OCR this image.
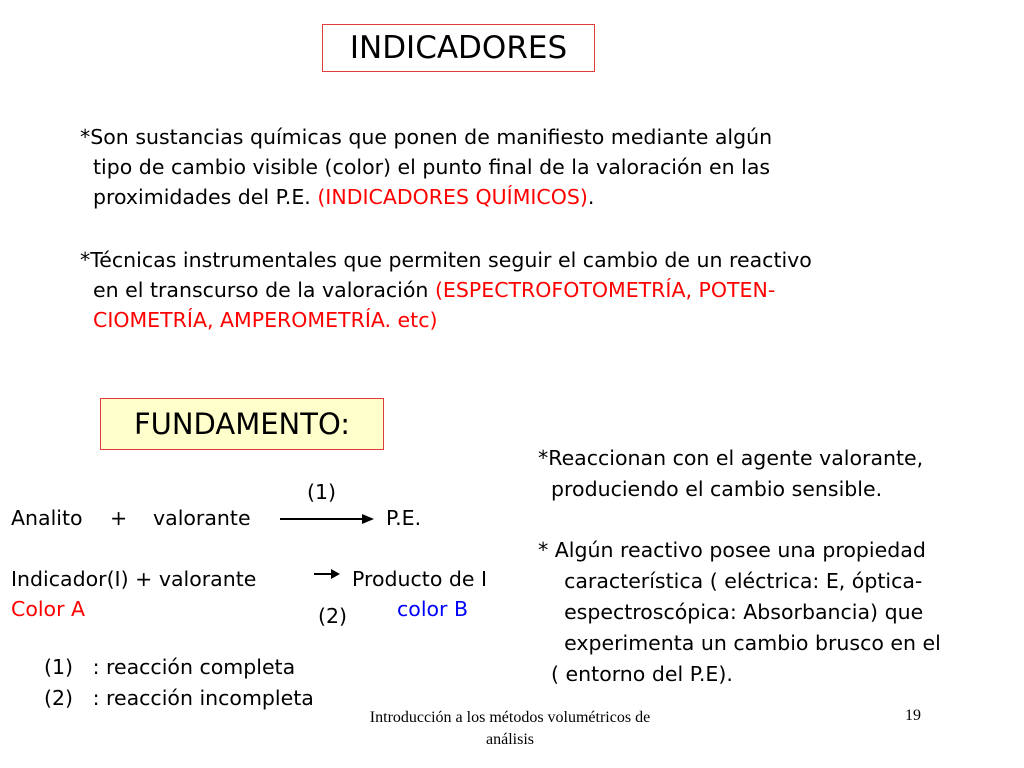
INDICADORES
*Son sustancias químicas que ponen de manifiesto mediante algún
tipo de cambio visible (color) el punto final de la valoración en las
proximidades del P.E. (INDICADORES QUÍMICOS).
*Técnicas instrumentales que permiten seguir el cambio de un reactivo
en el transcurso de la valoración (ESPECTROFOTOMETRÍA, POTEN-
CIOMETRÍA, AMPEROMETRÍA. etc)
FUNDAMENTO:
(1)
Analito + valorante	P.E.
Indicador(I) + valorante	→ Producto de I
Color A	(2) color B
(1)   : reacción completa
(2)   : reacción incompleta
*Reaccionan con el agente valorante,
produciendo el cambio sensible.
* Algún reactivo posee una propiedad
característica ( eléctrica: E, óptica-
espectroscópica: Absorbancia) que
experimenta un cambio brusco en el
( entorno del P.E).
Introducción a los métodos volumétricos de análisis
19
